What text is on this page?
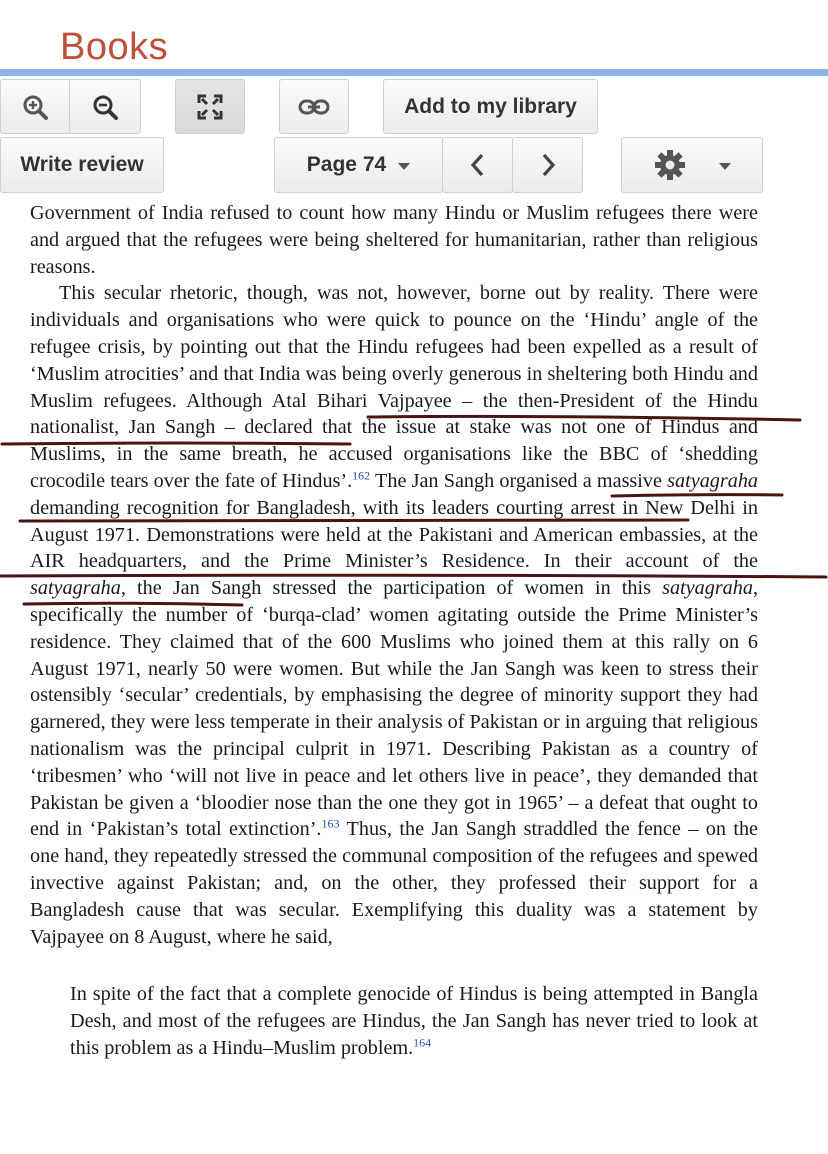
Books
Add to my library
Write review	Page 74

Government of India refused to count how many Hindu or Muslim refugees there were and argued that the refugees were being sheltered for humanitarian, rather than religious reasons.

This secular rhetoric, though, was not, however, borne out by reality. There were individuals and organisations who were quick to pounce on the ‘Hindu’ angle of the refugee crisis, by pointing out that the Hindu refugees had been expelled as a result of ‘Muslim atrocities’ and that India was being overly generous in sheltering both Hindu and Muslim refugees. Although Atal Bihari Vajpayee – the then-President of the Hindu nationalist, Jan Sangh – declared that the issue at stake was not one of Hindus and Muslims, in the same breath, he accused organisations like the BBC of ‘shedding crocodile tears over the fate of Hindus’.$^{162}$ The Jan Sangh organised a massive satyagraha demanding recognition for Bangladesh, with its leaders courting arrest in New Delhi in August 1971. Demonstrations were held at the Pakistani and American embassies, at the AIR headquarters, and the Prime Minister’s Residence. In their account of the satyagraha, the Jan Sangh stressed the participation of women in this satyagraha, specifically the number of ‘burqa-clad’ women agitating outside the Prime Minister’s residence. They claimed that of the 600 Muslims who joined them at this rally on 6 August 1971, nearly 50 were women. But while the Jan Sangh was keen to stress their ostensibly ‘secular’ credentials, by emphasising the degree of minority support they had garnered, they were less temperate in their analysis of Pakistan or in arguing that religious nationalism was the principal culprit in 1971. Describing Pakistan as a country of ‘tribesmen’ who ‘will not live in peace and let others live in peace’, they demanded that Pakistan be given a ‘bloodier nose than the one they got in 1965’ – a defeat that ought to end in ‘Pakistan’s total extinction’.$^{163}$ Thus, the Jan Sangh straddled the fence – on the one hand, they repeatedly stressed the communal composition of the refugees and spewed invective against Pakistan; and, on the other, they professed their support for a Bangladesh cause that was secular. Exemplifying this duality was a statement by Vajpayee on 8 August, where he said,

In spite of the fact that a complete genocide of Hindus is being attempted in Bangla Desh, and most of the refugees are Hindus, the Jan Sangh has never tried to look at this problem as a Hindu–Muslim problem.$^{164}$
